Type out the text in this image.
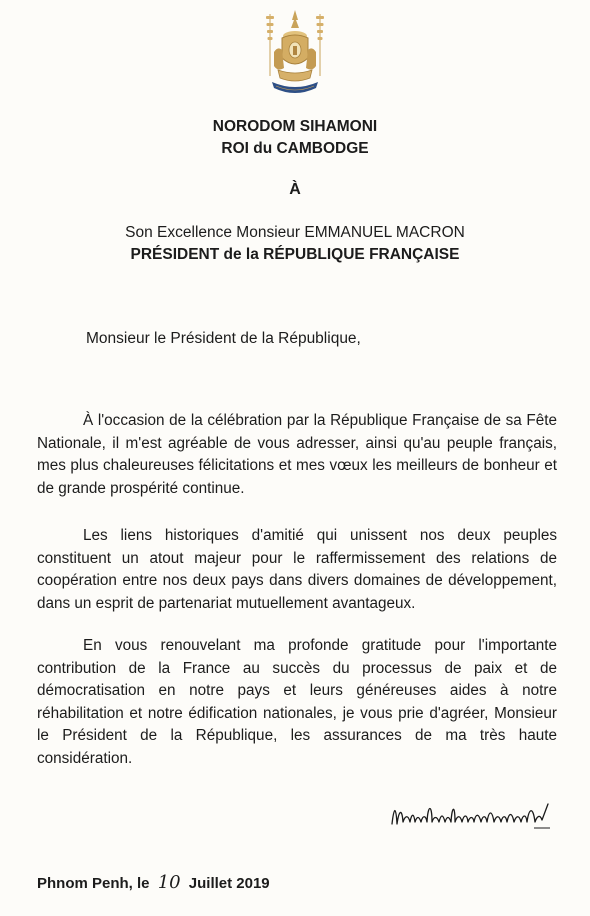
NORODOM SIHAMONI
ROI du CAMBODGE
À
Son Excellence Monsieur EMMANUEL MACRON
PRÉSIDENT de la RÉPUBLIQUE FRANÇAISE
Monsieur le Président de la République,

À l'occasion de la célébration par la République Française de sa Fête Nationale, il m'est agréable de vous adresser, ainsi qu'au peuple français, mes plus chaleureuses félicitations et mes vœux les meilleurs de bonheur et de grande prospérité continue.

Les liens historiques d'amitié qui unissent nos deux peuples constituent un atout majeur pour le raffermissement des relations de coopération entre nos deux pays dans divers domaines de développement, dans un esprit de partenariat mutuellement avantageux.

En vous renouvelant ma profonde gratitude pour l'importante contribution de la France au succès du processus de paix et de démocratisation en notre pays et leurs généreuses aides à notre réhabilitation et notre édification nationales, je vous prie d'agréer, Monsieur le Président de la République, les assurances de ma très haute considération.

Phnom Penh, le 10 Juillet 2019
